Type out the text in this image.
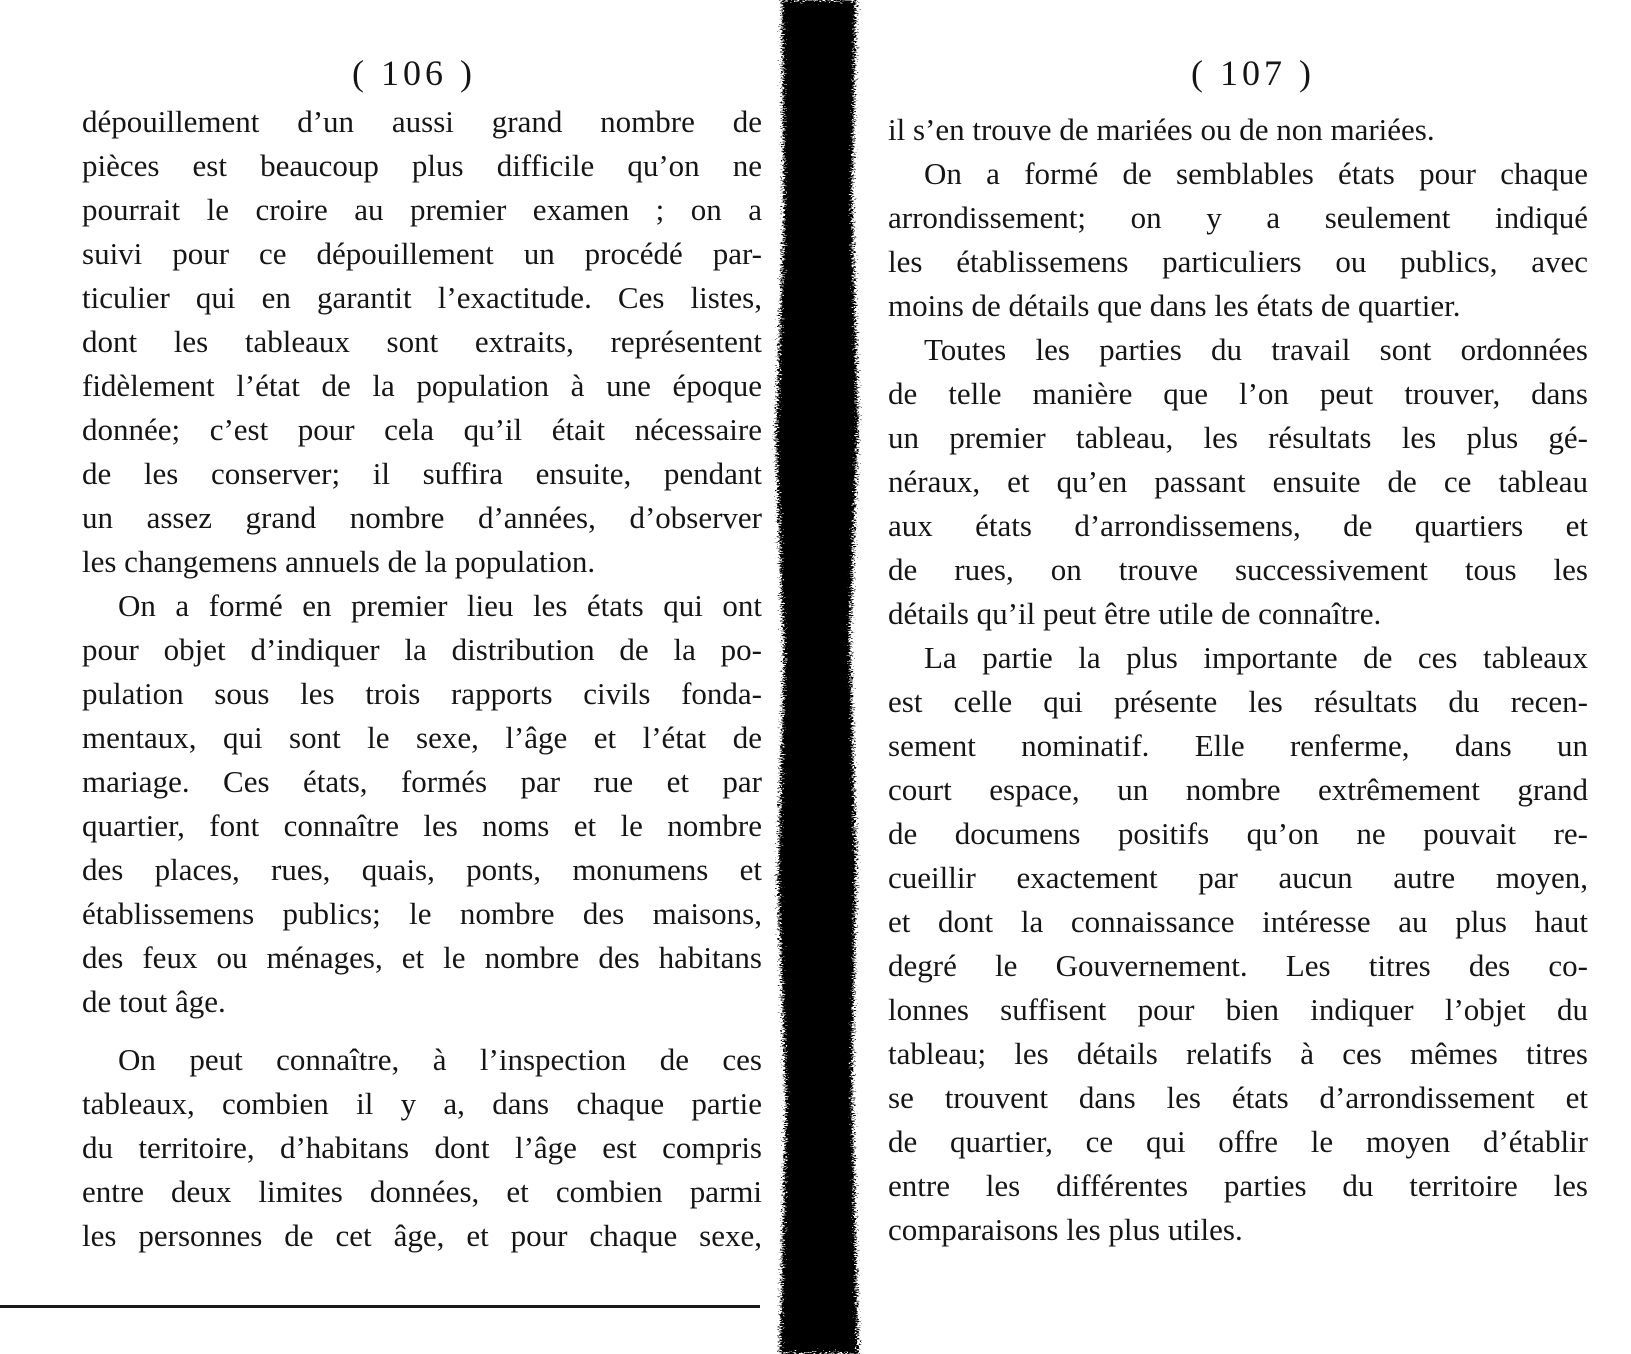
( 106 )
dépouillement d’un aussi grand nombre de
pièces est beaucoup plus difficile qu’on ne
pourrait le croire au premier examen ; on a
suivi pour ce dépouillement un procédé par-
ticulier qui en garantit l’exactitude. Ces listes,
dont les tableaux sont extraits, représentent
fidèlement l’état de la population à une époque
donnée; c’est pour cela qu’il était nécessaire
de les conserver; il suffira ensuite, pendant
un assez grand nombre d’années, d’observer
les changemens annuels de la population.
On a formé en premier lieu les états qui ont
pour objet d’indiquer la distribution de la po-
pulation sous les trois rapports civils fonda-
mentaux, qui sont le sexe, l’âge et l’état de
mariage. Ces états, formés par rue et par
quartier, font connaître les noms et le nombre
des places, rues, quais, ponts, monumens et
établissemens publics; le nombre des maisons,
des feux ou ménages, et le nombre des habitans
de tout âge.
On peut connaître, à l’inspection de ces
tableaux, combien il y a, dans chaque partie
du territoire, d’habitans dont l’âge est compris
entre deux limites données, et combien parmi
les personnes de cet âge, et pour chaque sexe,
( 107 )
il s’en trouve de mariées ou de non mariées.
On a formé de semblables états pour chaque
arrondissement; on y a seulement indiqué
les établissemens particuliers ou publics, avec
moins de détails que dans les états de quartier.
Toutes les parties du travail sont ordonnées
de telle manière que l’on peut trouver, dans
un premier tableau, les résultats les plus gé-
néraux, et qu’en passant ensuite de ce tableau
aux états d’arrondissemens, de quartiers et
de rues, on trouve successivement tous les
détails qu’il peut être utile de connaître.
La partie la plus importante de ces tableaux
est celle qui présente les résultats du recen-
sement nominatif. Elle renferme, dans un
court espace, un nombre extrêmement grand
de documens positifs qu’on ne pouvait re-
cueillir exactement par aucun autre moyen,
et dont la connaissance intéresse au plus haut
degré le Gouvernement. Les titres des co-
lonnes suffisent pour bien indiquer l’objet du
tableau; les détails relatifs à ces mêmes titres
se trouvent dans les états d’arrondissement et
de quartier, ce qui offre le moyen d’établir
entre les différentes parties du territoire les
comparaisons les plus utiles.
